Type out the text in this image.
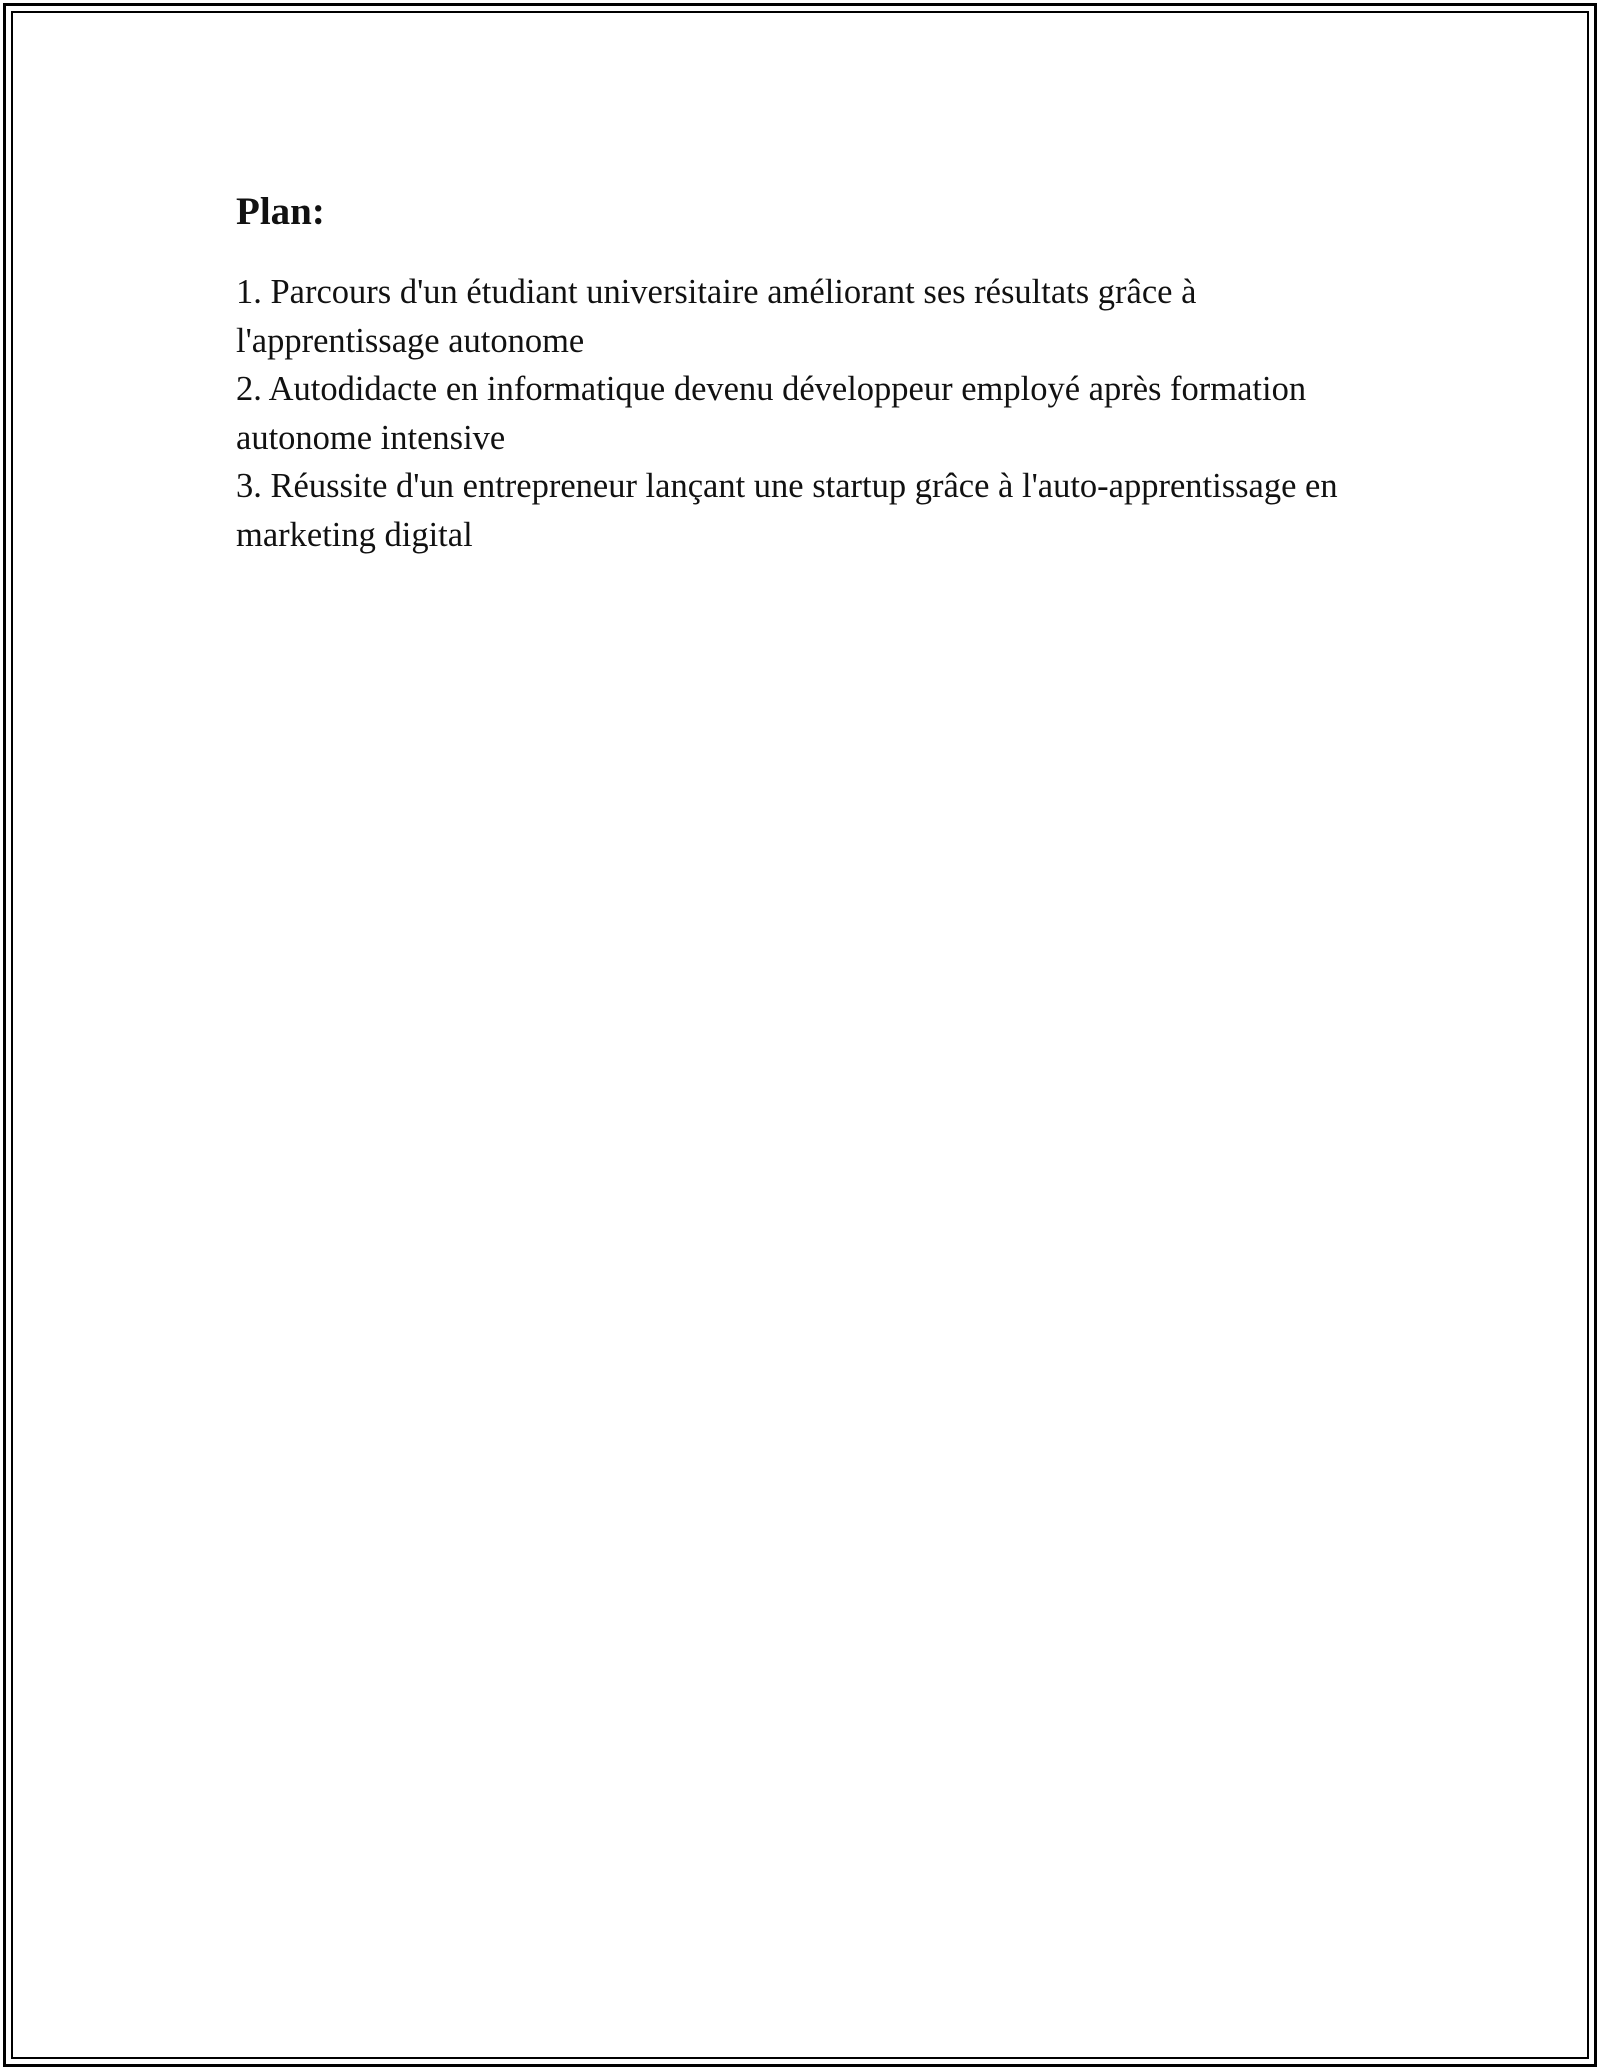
Plan:
1. Parcours d'un étudiant universitaire améliorant ses résultats grâce à l'apprentissage autonome
2. Autodidacte en informatique devenu développeur employé après formation autonome intensive
3. Réussite d'un entrepreneur lançant une startup grâce à l'auto-apprentissage en marketing digital
